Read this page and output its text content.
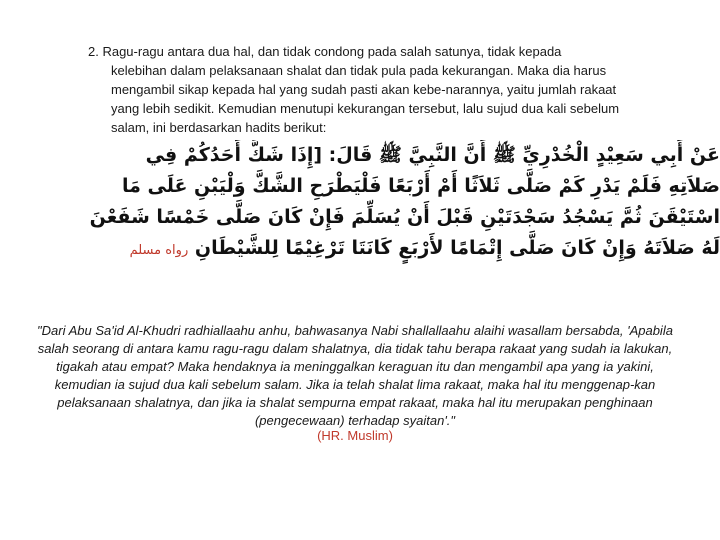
2. Ragu-ragu antara dua hal, dan tidak condong pada salah satunya, tidak kepada
kelebihan dalam pelaksanaan shalat dan tidak pula pada kekurangan. Maka dia harus mengambil sikap kepada hal yang sudah pasti akan kebe-narannya, yaitu jumlah rakaat yang lebih sedikit. Kemudian menutupi kekurangan tersebut, lalu sujud dua kali sebelum salam, ini berdasarkan hadits berikut:
عَنْ أَبِي سَعِيْدٍ الْخُدْرِيِّ ﷺ أَنَّ النَّبِيَّ ﷺ قَالَ: [إِذَا شَكَّ أَحَدُكُمْ فِي صَلاَتِهِ فَلَمْ يَدْرِ كَمْ صَلَّى ثَلاَثًا أَمْ أَرْبَعًا فَلْيَطْرَحِ الشَّكَّ وَلْيَبْنِ عَلَى مَا اسْتَيْقَنَ ثُمَّ يَسْجُدُ سَجْدَتَيْنِ قَبْلَ أَنْ يُسَلِّمَ فَإِنْ كَانَ صَلَّى خَمْسًا شَفَعْنَ لَهُ صَلاَتَهُ وَإِنْ كَانَ صَلَّى إِتْمَامًا لأَرْبَعٍ كَانَتَا تَرْغِيْمًا لِلشَّيْطَانِ رواه مسلم
"Dari Abu Sa'id Al-Khudri radhiallaahu anhu, bahwasanya Nabi shallallaahu alaihi wasallam bersabda, 'Apabila salah seorang di antara kamu ragu-ragu dalam shalatnya, dia tidak tahu berapa rakaat yang sudah ia lakukan, tigakah atau empat? Maka hendaknya ia meninggalkan keraguan itu dan mengambil apa yang ia yakini, kemudian ia sujud dua kali sebelum salam. Jika ia telah shalat lima rakaat, maka hal itu menggenap-kan pelaksanaan shalatnya, dan jika ia shalat sempurna empat rakaat, maka hal itu merupakan penghinaan (pengecewaan) terhadap syaitan'."
(HR. Muslim)
